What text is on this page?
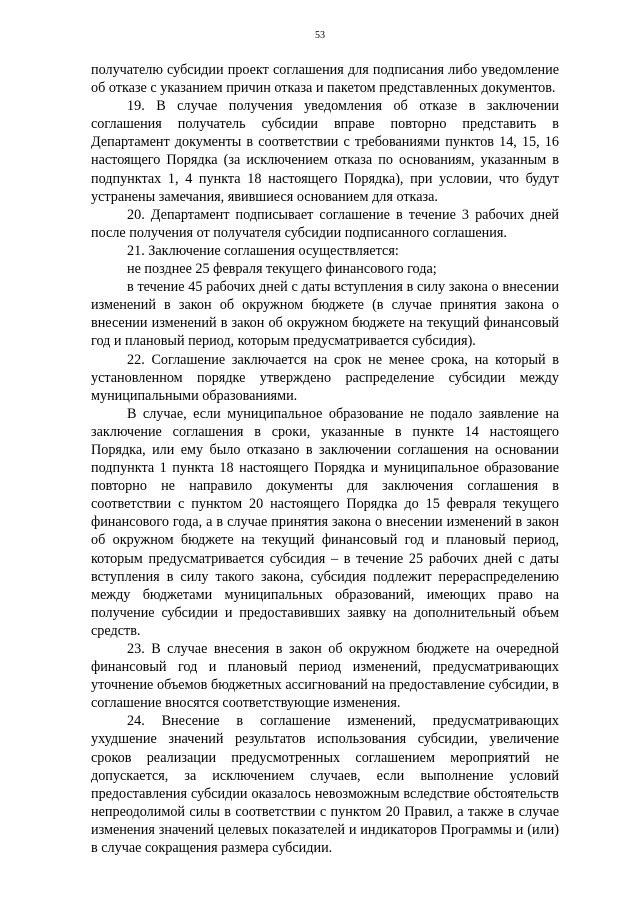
53

получателю субсидии проект соглашения для подписания либо уведомление об отказе с указанием причин отказа и пакетом представленных документов.

19. В случае получения уведомления об отказе в заключении соглашения получатель субсидии вправе повторно представить в Департамент документы в соответствии с требованиями пунктов 14, 15, 16 настоящего Порядка (за исключением отказа по основаниям, указанным в подпунктах 1, 4 пункта 18 настоящего Порядка), при условии, что будут устранены замечания, явившиеся основанием для отказа.

20. Департамент подписывает соглашение в течение 3 рабочих дней после получения от получателя субсидии подписанного соглашения.

21. Заключение соглашения осуществляется:

не позднее 25 февраля текущего финансового года;

в течение 45 рабочих дней с даты вступления в силу закона о внесении изменений в закон об окружном бюджете (в случае принятия закона о внесении изменений в закон об окружном бюджете на текущий финансовый год и плановый период, которым предусматривается субсидия).

22. Соглашение заключается на срок не менее срока, на который в установленном порядке утверждено распределение субсидии между муниципальными образованиями.

В случае, если муниципальное образование не подало заявление на заключение соглашения в сроки, указанные в пункте 14 настоящего Порядка, или ему было отказано в заключении соглашения на основании подпункта 1 пункта 18 настоящего Порядка и муниципальное образование повторно не направило документы для заключения соглашения в соответствии с пунктом 20 настоящего Порядка до 15 февраля текущего финансового года, а в случае принятия закона о внесении изменений в закон об окружном бюджете на текущий финансовый год и плановый период, которым предусматривается субсидия – в течение 25 рабочих дней с даты вступления в силу такого закона, субсидия подлежит перераспределению между бюджетами муниципальных образований, имеющих право на получение субсидии и предоставивших заявку на дополнительный объем средств.

23. В случае внесения в закон об окружном бюджете на очередной финансовый год и плановый период изменений, предусматривающих уточнение объемов бюджетных ассигнований на предоставление субсидии, в соглашение вносятся соответствующие изменения.

24. Внесение в соглашение изменений, предусматривающих ухудшение значений результатов использования субсидии, увеличение сроков реализации предусмотренных соглашением мероприятий не допускается, за исключением случаев, если выполнение условий предоставления субсидии оказалось невозможным вследствие обстоятельств непреодолимой силы в соответствии с пунктом 20 Правил, а также в случае изменения значений целевых показателей и индикаторов Программы и (или) в случае сокращения размера субсидии.
